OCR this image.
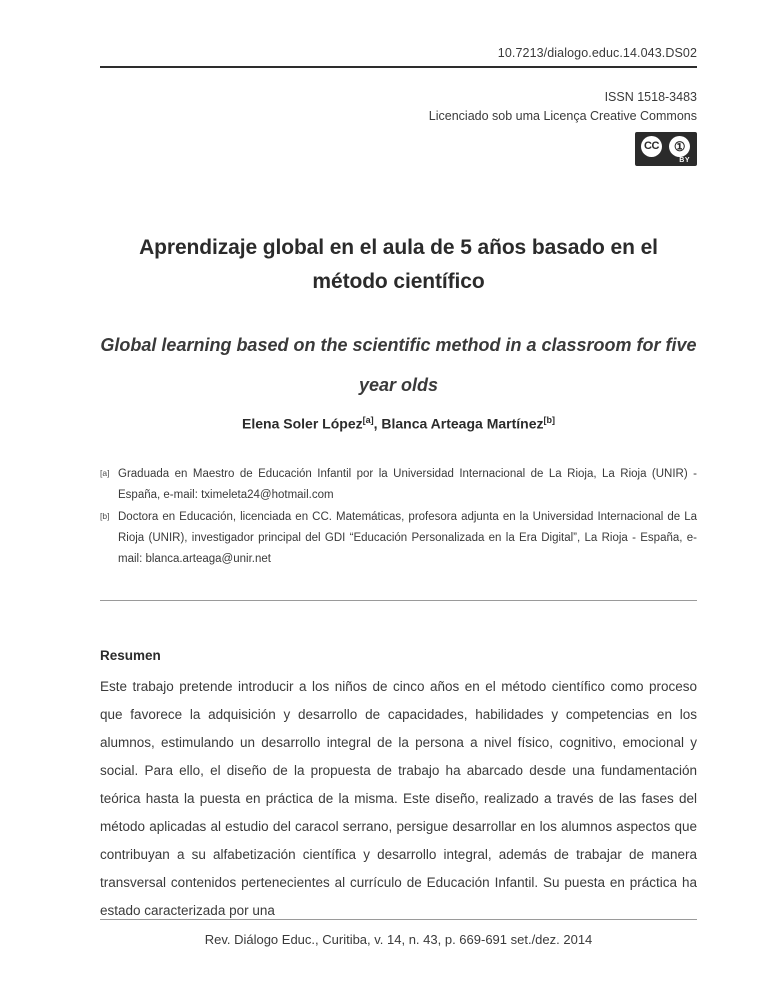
10.7213/dialogo.educ.14.043.DS02
ISSN 1518-3483
Licenciado sob uma Licença Creative Commons
CC	①
BY
Aprendizaje global en el aula de 5 años basado en el método científico
Global learning based on the scientific method in a classroom for five year olds
Elena Soler López[a], Blanca Arteaga Martínez[b]
[a] Graduada en Maestro de Educación Infantil por la Universidad Internacional de La Rioja, La Rioja (UNIR) - España, e-mail: tximeleta24@hotmail.com
[b] Doctora en Educación, licenciada en CC. Matemáticas, profesora adjunta en la Universidad Internacional de La Rioja (UNIR), investigador principal del GDI “Educación Personalizada en la Era Digital”, La Rioja - España, e-mail: blanca.arteaga@unir.net
Resumen
Este trabajo pretende introducir a los niños de cinco años en el método científico como proceso que favorece la adquisición y desarrollo de capacidades, habilidades y competencias en los alumnos, estimulando un desarrollo integral de la persona a nivel físico, cognitivo, emocional y social. Para ello, el diseño de la propuesta de trabajo ha abarcado desde una fundamentación teórica hasta la puesta en práctica de la misma. Este diseño, realizado a través de las fases del método aplicadas al estudio del caracol serrano, persigue desarrollar en los alumnos aspectos que contribuyan a su alfabetización científica y desarrollo integral, además de trabajar de manera transversal contenidos pertenecientes al currículo de Educación Infantil. Su puesta en práctica ha estado caracterizada por una
Rev. Diálogo Educ., Curitiba, v. 14, n. 43, p. 669-691 set./dez. 2014
